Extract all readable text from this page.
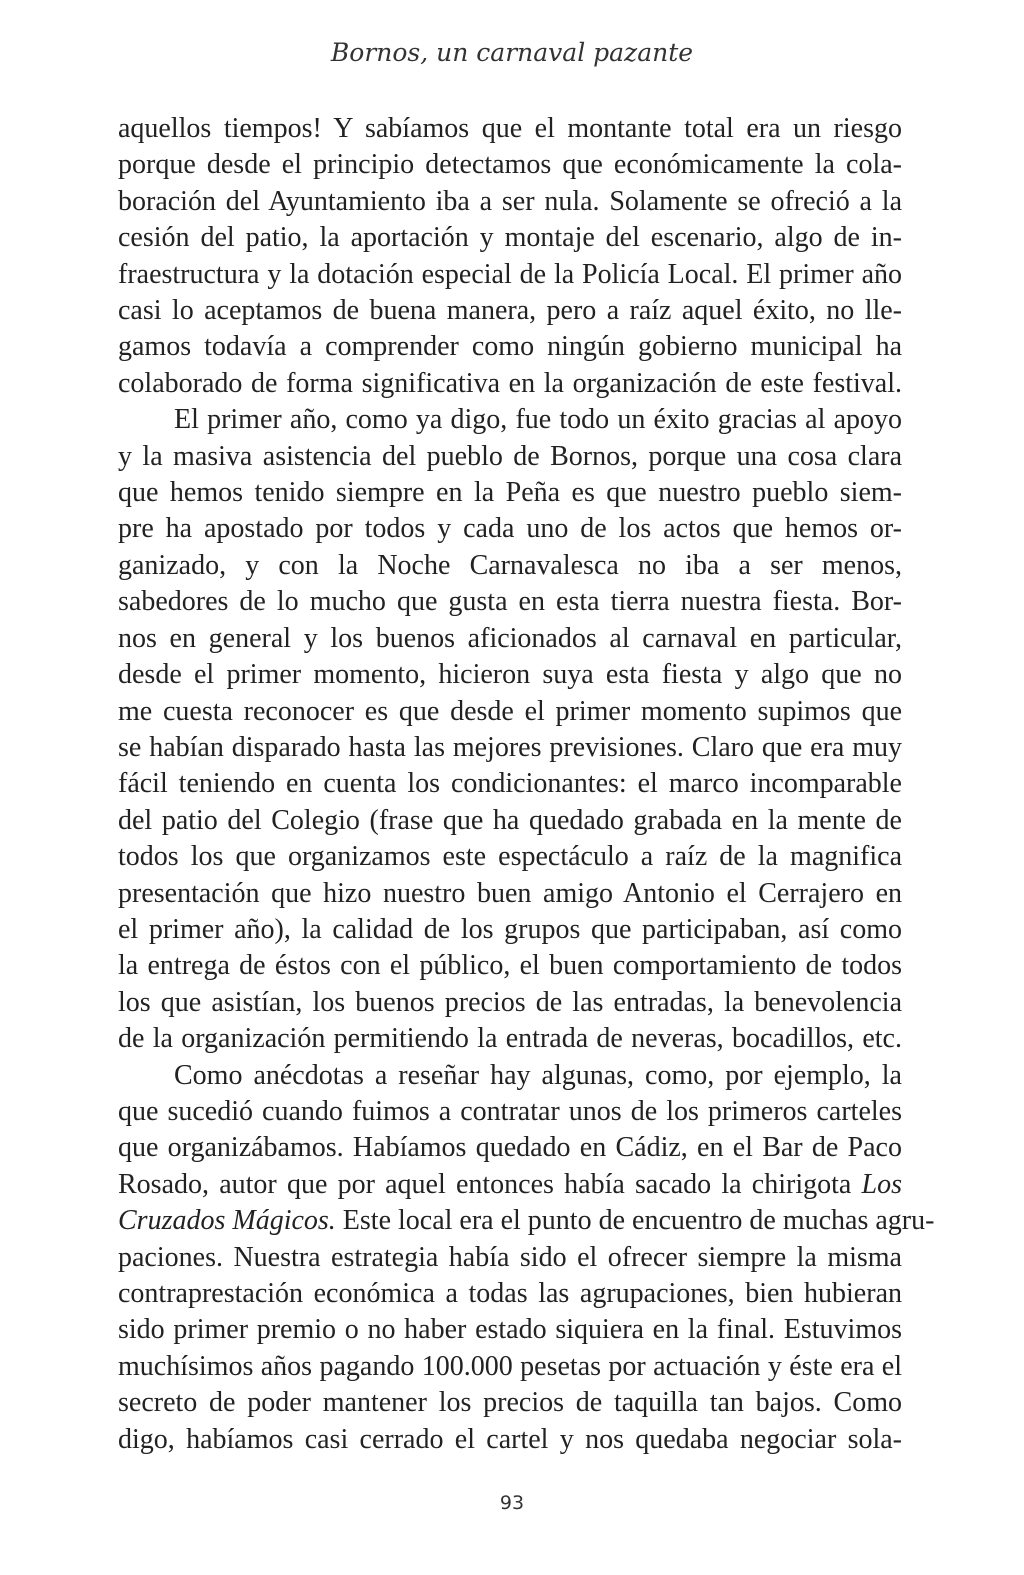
Bornos, un carnaval pazante

aquellos tiempos! Y sabíamos que el montante total era un riesgo
porque desde el principio detectamos que económicamente la cola-
boración del Ayuntamiento iba a ser nula. Solamente se ofreció a la
cesión del patio, la aportación y montaje del escenario, algo de in-
fraestructura y la dotación especial de la Policía Local. El primer año
casi lo aceptamos de buena manera, pero a raíz aquel éxito, no lle-
gamos todavía a comprender como ningún gobierno municipal ha
colaborado de forma significativa en la organización de este festival.
El primer año, como ya digo, fue todo un éxito gracias al apoyo
y la masiva asistencia del pueblo de Bornos, porque una cosa clara
que hemos tenido siempre en la Peña es que nuestro pueblo siem-
pre ha apostado por todos y cada uno de los actos que hemos or-
ganizado, y con la Noche Carnavalesca no iba a ser menos,
sabedores de lo mucho que gusta en esta tierra nuestra fiesta. Bor-
nos en general y los buenos aficionados al carnaval en particular,
desde el primer momento, hicieron suya esta fiesta y algo que no
me cuesta reconocer es que desde el primer momento supimos que
se habían disparado hasta las mejores previsiones. Claro que era muy
fácil teniendo en cuenta los condicionantes: el marco incomparable
del patio del Colegio (frase que ha quedado grabada en la mente de
todos los que organizamos este espectáculo a raíz de la magnifica
presentación que hizo nuestro buen amigo Antonio el Cerrajero en
el primer año), la calidad de los grupos que participaban, así como
la entrega de éstos con el público, el buen comportamiento de todos
los que asistían, los buenos precios de las entradas, la benevolencia
de la organización permitiendo la entrada de neveras, bocadillos, etc.
Como anécdotas a reseñar hay algunas, como, por ejemplo, la
que sucedió cuando fuimos a contratar unos de los primeros carteles
que organizábamos. Habíamos quedado en Cádiz, en el Bar de Paco
Rosado, autor que por aquel entonces había sacado la chirigota Los
Cruzados Mágicos. Este local era el punto de encuentro de muchas agru-
paciones. Nuestra estrategia había sido el ofrecer siempre la misma
contraprestación económica a todas las agrupaciones, bien hubieran
sido primer premio o no haber estado siquiera en la final. Estuvimos
muchísimos años pagando 100.000 pesetas por actuación y éste era el
secreto de poder mantener los precios de taquilla tan bajos. Como
digo, habíamos casi cerrado el cartel y nos quedaba negociar sola-

93
